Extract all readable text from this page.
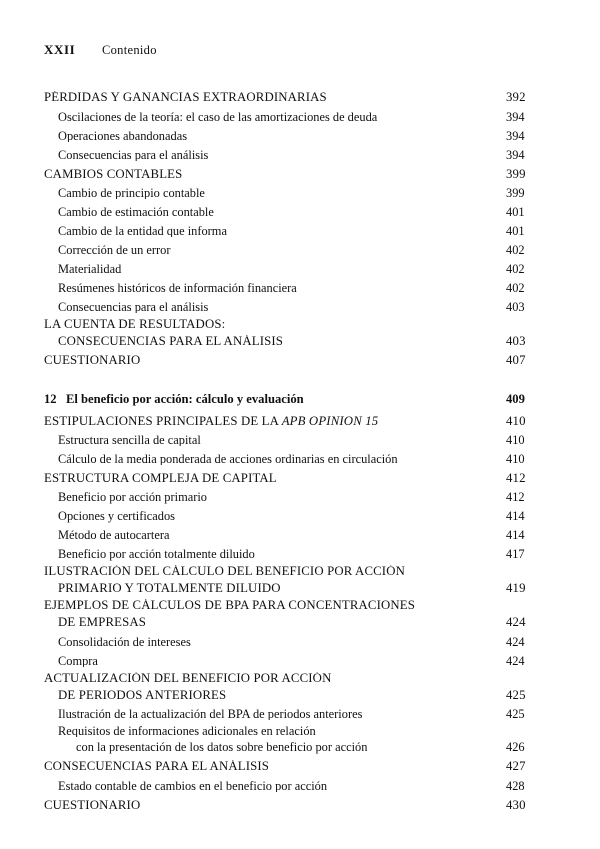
XXII	Contenido
PÉRDIDAS Y GANANCIAS EXTRAORDINARIAS	392
Oscilaciones de la teoría: el caso de las amortizaciones de deuda	394
Operaciones abandonadas	394
Consecuencias para el análisis	394
CAMBIOS CONTABLES	399
Cambio de principio contable	399
Cambio de estimación contable	401
Cambio de la entidad que informa	401
Corrección de un error	402
Materialidad	402
Resúmenes históricos de información financiera	402
Consecuencias para el análisis	403
LA CUENTA DE RESULTADOS:
CONSECUENCIAS PARA EL ANÁLISIS	403
CUESTIONARIO	407
12 El beneficio por acción: cálculo y evaluación	409
ESTIPULACIONES PRINCIPALES DE LA APB OPINION 15	410
Estructura sencilla de capital	410
Cálculo de la media ponderada de acciones ordinarias en circulación	410
ESTRUCTURA COMPLEJA DE CAPITAL	412
Beneficio por acción primario	412
Opciones y certificados	414
Método de autocartera	414
Beneficio por acción totalmente diluido	417
ILUSTRACIÓN DEL CÁLCULO DEL BENEFICIO POR ACCIÓN
PRIMARIO Y TOTALMENTE DILUIDO	419
EJEMPLOS DE CÁLCULOS DE BPA PARA CONCENTRACIONES
DE EMPRESAS	424
Consolidación de intereses	424
Compra	424
ACTUALIZACIÓN DEL BENEFICIO POR ACCIÓN
DE PERIODOS ANTERIORES	425
Ilustración de la actualización del BPA de periodos anteriores	425
Requisitos de informaciones adicionales en relación
con la presentación de los datos sobre beneficio por acción	426
CONSECUENCIAS PARA EL ANÁLISIS	427
Estado contable de cambios en el beneficio por acción	428
CUESTIONARIO	430
